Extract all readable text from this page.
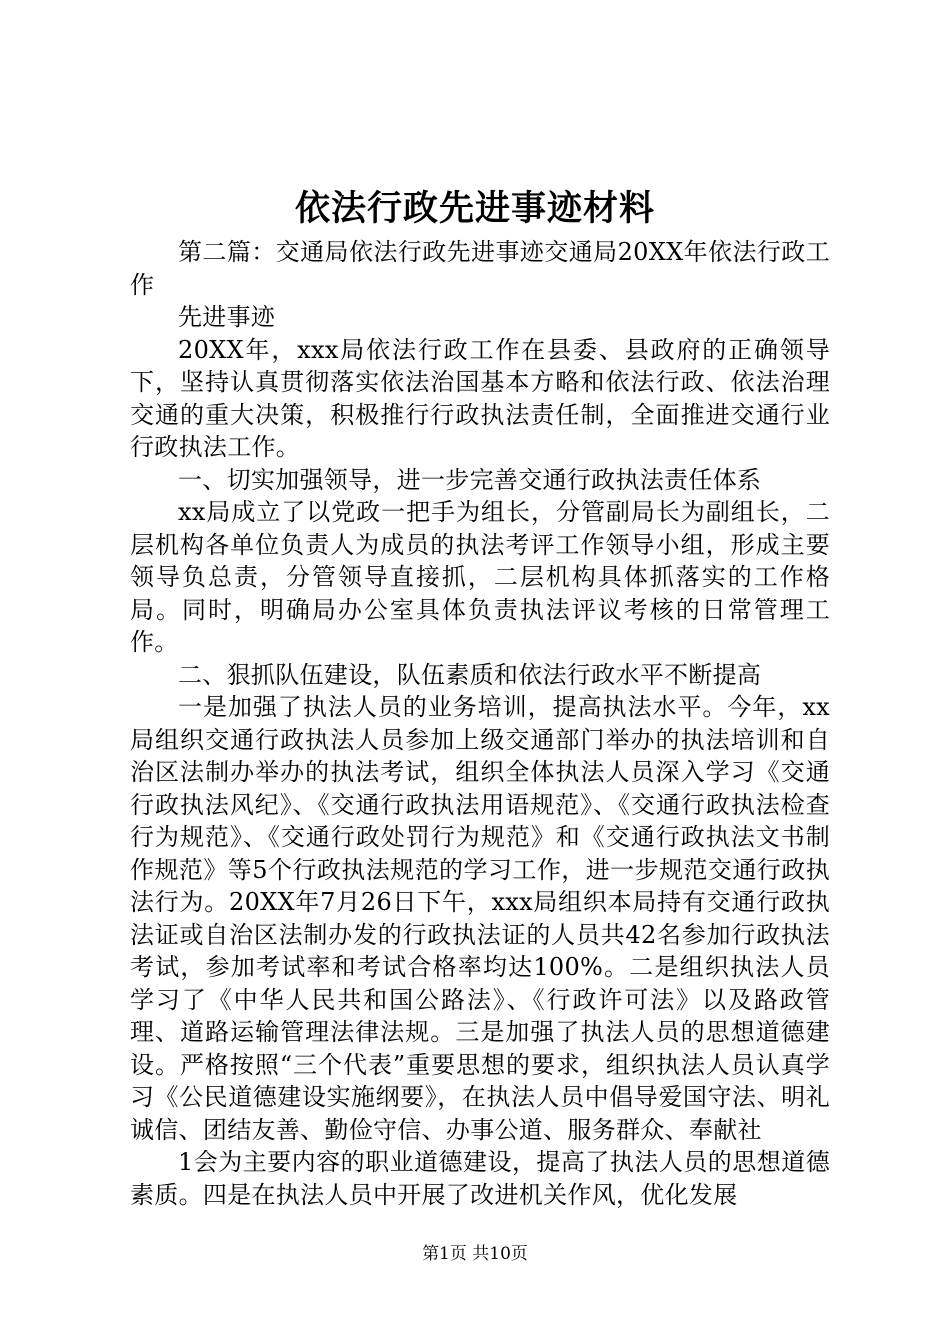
依法行政先进事迹材料

第二篇：交通局依法行政先进事迹交通局20XX年依法行政工作

先进事迹

20XX年，xxx局依法行政工作在县委、县政府的正确领导下，坚持认真贯彻落实依法治国基本方略和依法行政、依法治理交通的重大决策，积极推行行政执法责任制，全面推进交通行业行政执法工作。

一、切实加强领导，进一步完善交通行政执法责任体系

xx局成立了以党政一把手为组长，分管副局长为副组长，二层机构各单位负责人为成员的执法考评工作领导小组，形成主要领导负总责，分管领导直接抓，二层机构具体抓落实的工作格局。同时，明确局办公室具体负责执法评议考核的日常管理工作。

二、狠抓队伍建设，队伍素质和依法行政水平不断提高

一是加强了执法人员的业务培训，提高执法水平。今年，xx局组织交通行政执法人员参加上级交通部门举办的执法培训和自治区法制办举办的执法考试，组织全体执法人员深入学习《交通行政执法风纪》、《交通行政执法用语规范》、《交通行政执法检查行为规范》、《交通行政处罚行为规范》和《交通行政执法文书制作规范》等5个行政执法规范的学习工作，进一步规范交通行政执法行为。20XX年7月26日下午，xxx局组织本局持有交通行政执法证或自治区法制办发的行政执法证的人员共42名参加行政执法考试，参加考试率和考试合格率均达100%。二是组织执法人员学习了《中华人民共和国公路法》、《行政许可法》以及路政管理、道路运输管理法律法规。三是加强了执法人员的思想道德建设。严格按照“三个代表”重要思想的要求，组织执法人员认真学习《公民道德建设实施纲要》，在执法人员中倡导爱国守法、明礼诚信、团结友善、勤俭守信、办事公道、服务群众、奉献社

1会为主要内容的职业道德建设，提高了执法人员的思想道德素质。四是在执法人员中开展了改进机关作风，优化发展

第1页 共10页
